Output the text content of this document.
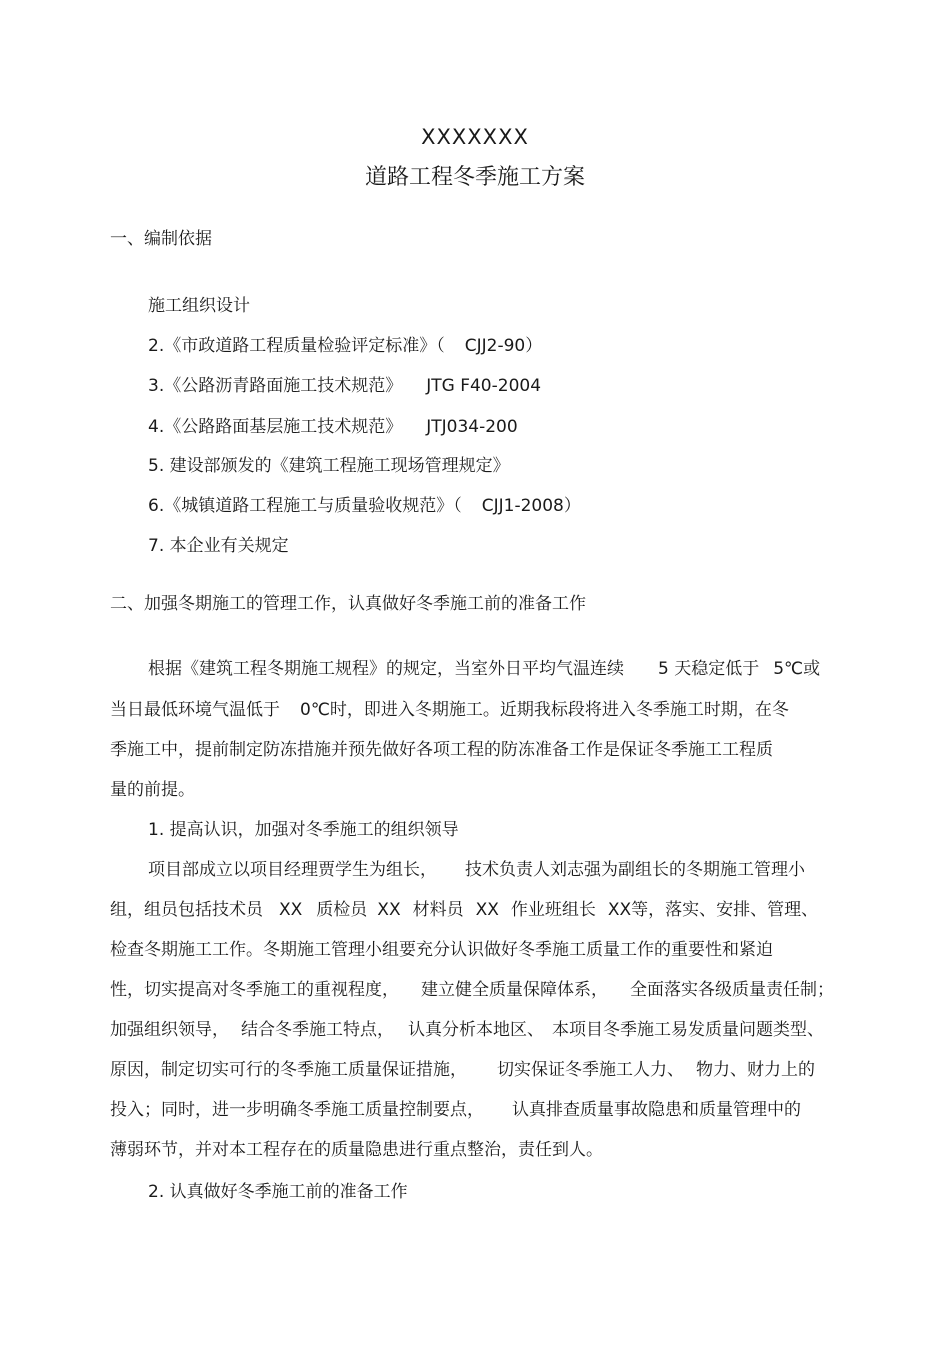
XXXXXXX
道路工程冬季施工方案
一、编制依据
施工组织设计
2.《市政道路工程质量检验评定标准》（ CJJ2-90）
3.《公路沥青路面施工技术规范》 JTG F40-2004
4.《公路路面基层施工技术规范》 JTJ034-200
5. 建设部颁发的《建筑工程施工现场管理规定》
6.《城镇道路工程施工与质量验收规范》（ CJJ1-2008）
7. 本企业有关规定
二、加强冬期施工的管理工作，认真做好冬季施工前的准备工作
根据《建筑工程冬期施工规程》的规定，当室外日平均气温连续 5 天稳定低于 5℃或
当日最低环境气温低于 0℃时，即进入冬期施工。近期我标段将进入冬季施工时期，在冬
季施工中，提前制定防冻措施并预先做好各项工程的防冻准备工作是保证冬季施工工程质
量的前提。
1. 提高认识，加强对冬季施工的组织领导
项目部成立以项目经理贾学生为组长， 技术负责人刘志强为副组长的冬期施工管理小
组，组员包括技术员 XX 质检员 XX 材料员 XX 作业班组长 XX等，落实、安排、管理、
检查冬期施工工作。冬期施工管理小组要充分认识做好冬季施工质量工作的重要性和紧迫
性，切实提高对冬季施工的重视程度， 建立健全质量保障体系， 全面落实各级质量责任制；
加强组织领导， 结合冬季施工特点， 认真分析本地区、 本项目冬季施工易发质量问题类型、
原因，制定切实可行的冬季施工质量保证措施， 切实保证冬季施工人力、 物力、财力上的
投入；同时，进一步明确冬季施工质量控制要点， 认真排查质量事故隐患和质量管理中的
薄弱环节，并对本工程存在的质量隐患进行重点整治，责任到人。
2. 认真做好冬季施工前的准备工作
